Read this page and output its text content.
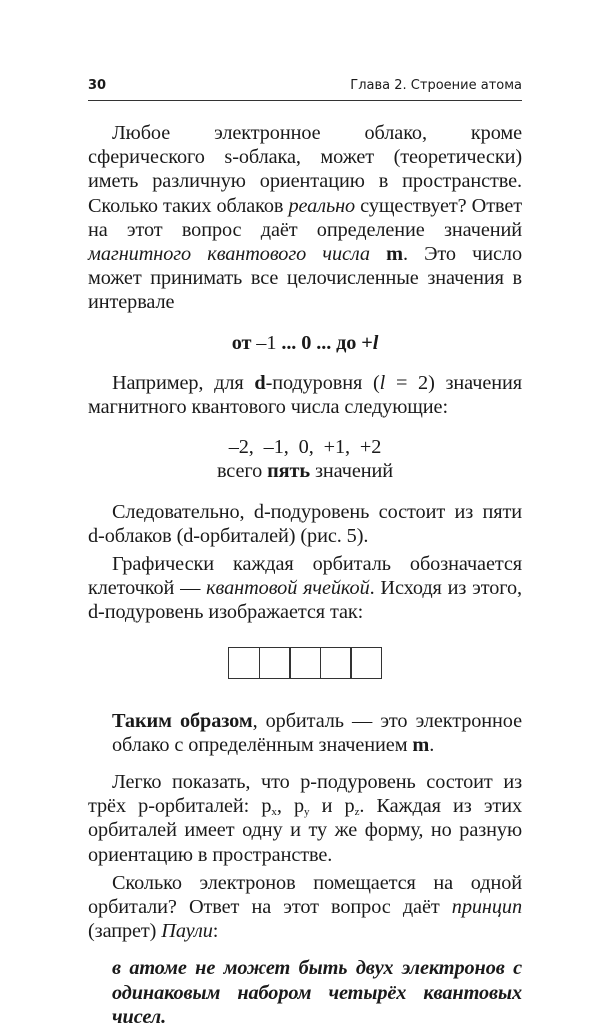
30	Глава 2. Строение атома

Любое электронное облако, кроме сферического s-облака, может (теоретически) иметь различную ориентацию в пространстве. Сколько таких облаков реально существует? Ответ на этот вопрос даёт определение значений магнитного квантового числа m. Это число может принимать все целочисленные значения в интервале

от –1 ... 0 ... до +l

Например, для d-подуровня (l = 2) значения магнитного квантового числа следующие:

–2,  –1,  0,  +1,  +2

всего пять значений

Следовательно, d-подуровень состоит из пяти d-облаков (d-орбиталей) (рис. 5).

Графически каждая орбиталь обозначается клеточкой — квантовой ячейкой. Исходя из этого, d-подуровень изображается так:

Таким образом, орбиталь — это электронное облако с определённым значением m.

Легко показать, что p-подуровень состоит из трёх p-орбиталей: $p_x$, $p_y$ и $p_z$. Каждая из этих орбиталей имеет одну и ту же форму, но разную ориентацию в пространстве.

Сколько электронов помещается на одной орбитали? Ответ на этот вопрос даёт принцип (запрет) Паули:

в атоме не может быть двух электронов с одинаковым набором четырёх квантовых чисел.
